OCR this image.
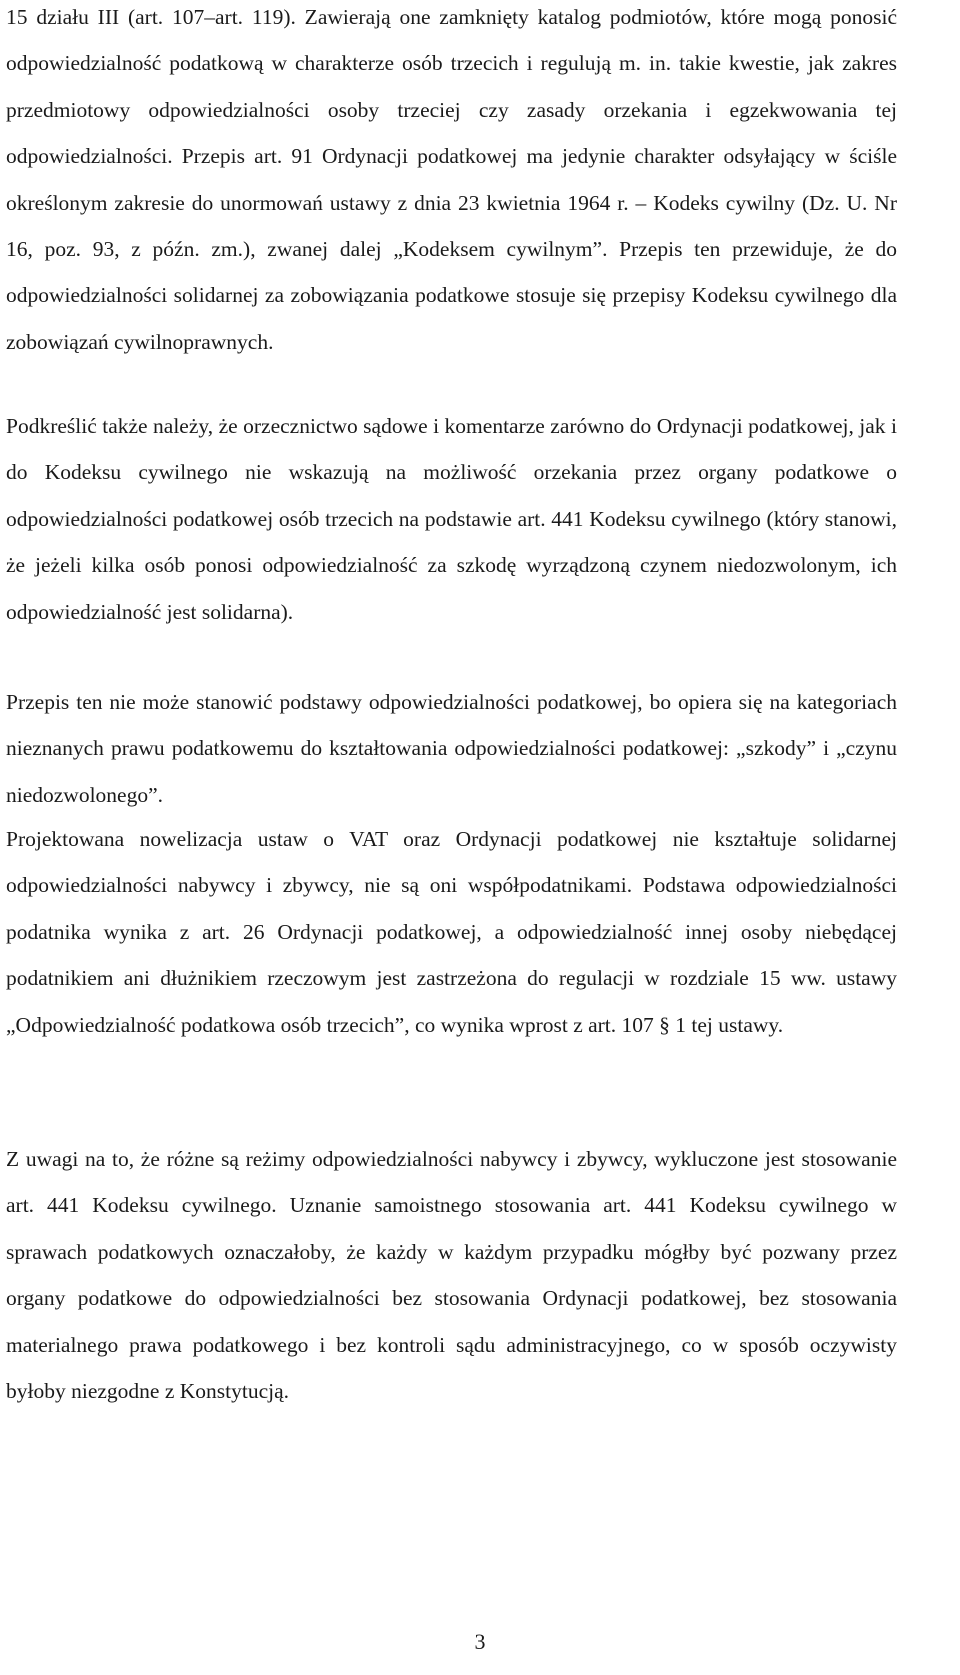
15 działu III (art. 107–art. 119). Zawierają one zamknięty katalog podmiotów, które mogą ponosić odpowiedzialność podatkową w charakterze osób trzecich i regulują m. in. takie kwestie, jak zakres przedmiotowy odpowiedzialności osoby trzeciej czy zasady orzekania i egzekwowania tej odpowiedzialności. Przepis art. 91 Ordynacji podatkowej ma jedynie charakter odsyłający w ściśle określonym zakresie do unormowań ustawy z dnia 23 kwietnia 1964 r. – Kodeks cywilny (Dz. U. Nr 16, poz. 93, z późn. zm.), zwanej dalej „Kodeksem cywilnym”. Przepis ten przewiduje, że do odpowiedzialności solidarnej za zobowiązania podatkowe stosuje się przepisy Kodeksu cywilnego dla zobowiązań cywilnoprawnych.

Podkreślić także należy, że orzecznictwo sądowe i komentarze zarówno do Ordynacji podatkowej, jak i do Kodeksu cywilnego nie wskazują na możliwość orzekania przez organy podatkowe o odpowiedzialności podatkowej osób trzecich na podstawie art. 441 Kodeksu cywilnego (który stanowi, że jeżeli kilka osób ponosi odpowiedzialność za szkodę wyrządzoną czynem niedozwolonym, ich odpowiedzialność jest solidarna).

Przepis ten nie może stanowić podstawy odpowiedzialności podatkowej, bo opiera się na kategoriach nieznanych prawu podatkowemu do kształtowania odpowiedzialności podatkowej: „szkody” i „czynu niedozwolonego”.

Projektowana nowelizacja ustaw o VAT oraz Ordynacji podatkowej nie kształtuje solidarnej odpowiedzialności nabywcy i zbywcy, nie są oni współpodatnikami. Podstawa odpowiedzialności podatnika wynika z art. 26 Ordynacji podatkowej, a odpowiedzialność innej osoby niebędącej podatnikiem ani dłużnikiem rzeczowym jest zastrzeżona do regulacji w rozdziale 15 ww. ustawy „Odpowiedzialność podatkowa osób trzecich”, co wynika wprost z art. 107 § 1 tej ustawy.

Z uwagi na to, że różne są reżimy odpowiedzialności nabywcy i zbywcy, wykluczone jest stosowanie art. 441 Kodeksu cywilnego. Uznanie samoistnego stosowania art. 441 Kodeksu cywilnego w sprawach podatkowych oznaczałoby, że każdy w każdym przypadku mógłby być pozwany przez organy podatkowe do odpowiedzialności bez stosowania Ordynacji podatkowej, bez stosowania materialnego prawa podatkowego i bez kontroli sądu administracyjnego, co w sposób oczywisty byłoby niezgodne z Konstytucją.

3
